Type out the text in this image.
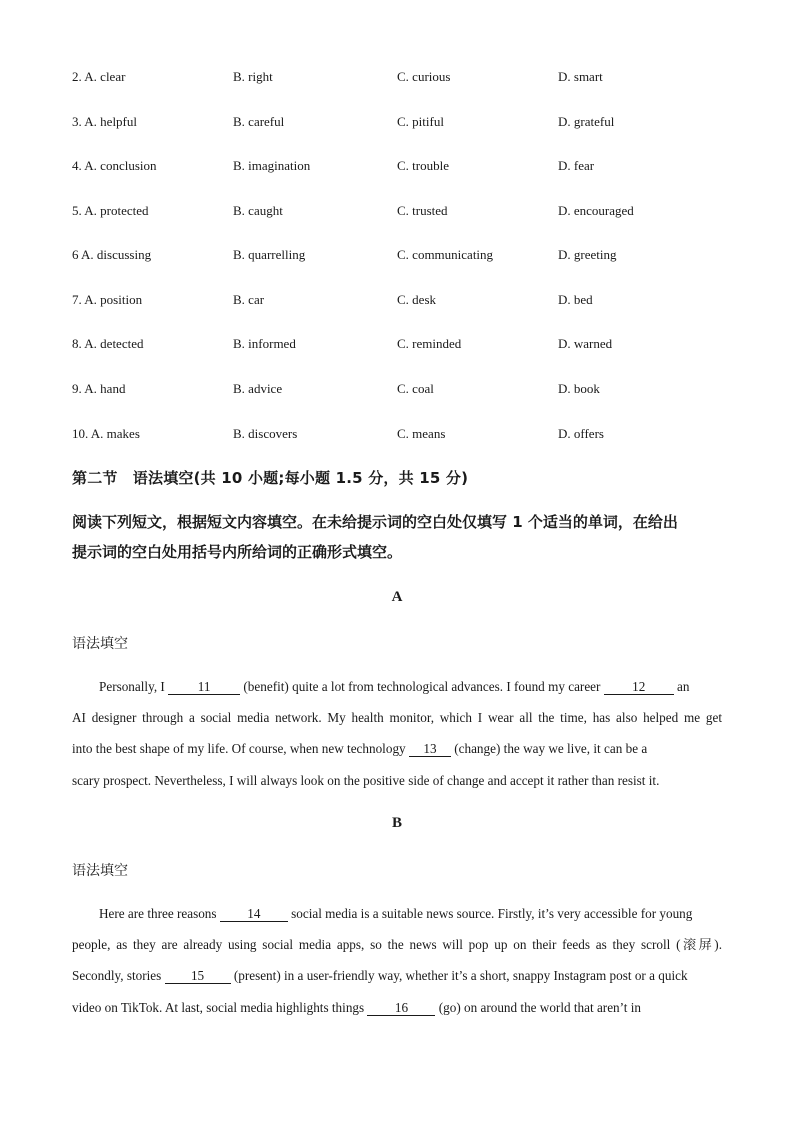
2. A. clear	B. right	C. curious	D. smart
3. A. helpful	B. careful	C. pitiful	D. grateful
4. A. conclusion	B. imagination	C. trouble	D. fear
5. A. protected	B. caught	C. trusted	D. encouraged
6 A. discussing	B. quarrelling	C. communicating	D. greeting
7. A. position	B. car	C. desk	D. bed
8. A. detected	B. informed	C. reminded	D. warned
9. A. hand	B. advice	C. coal	D. book
10. A. makes	B. discovers	C. means	D. offers
第二节　语法填空(共 10 小题;每小题 1.5 分，共 15 分)
阅读下列短文，根据短文内容填空。在未给提示词的空白处仅填写 1 个适当的单词，在给出
提示词的空白处用括号内所给词的正确形式填空。
A
语法填空
Personally, I 11 (benefit) quite a lot from technological advances. I found my career 12 an
AI designer through a social media network. My health monitor, which I wear all the time, has also helped me get
into the best shape of my life. Of course, when new technology 13 (change) the way we live, it can be a
scary prospect. Nevertheless, I will always look on the positive side of change and accept it rather than resist it.
B
语法填空
Here are three reasons 14 social media is a suitable news source. Firstly, it’s very accessible for young
people, as they are already using social media apps, so the news will pop up on their feeds as they scroll (滚屏).
Secondly, stories 15 (present) in a user-friendly way, whether it’s a short, snappy Instagram post or a quick
video on TikTok. At last, social media highlights things 16 (go) on around the world that aren’t in
